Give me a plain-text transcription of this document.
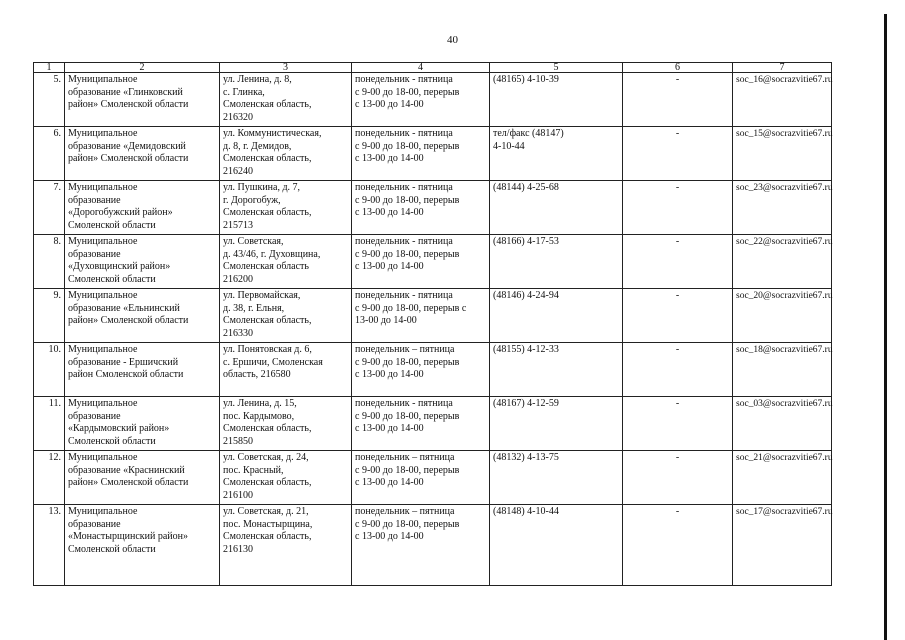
40
1	2	3	4	5	6	7
5.	Муниципальное
образование «Глинковский
район» Смоленской области	ул. Ленина, д. 8,
с. Глинка,
Смоленская область,
216320	понедельник - пятница
с 9-00 до 18-00, перерыв
с 13-00 до 14-00	(48165) 4-10-39	-	soc_16@socrazvitie67.ru
6.	Муниципальное
образование «Демидовский
район» Смоленской области	ул. Коммунистическая,
д. 8, г. Демидов,
Смоленская область,
216240	понедельник - пятница
с 9-00 до 18-00, перерыв
с 13-00 до 14-00	тел/факс (48147)
4-10-44	-	soc_15@socrazvitie67.ru
7.	Муниципальное
образование
«Дорогобужский район»
Смоленской области	ул. Пушкина, д. 7,
г. Дорогобуж,
Смоленская область,
215713	понедельник - пятница
с 9-00 до 18-00, перерыв
с 13-00 до 14-00	(48144) 4-25-68	-	soc_23@socrazvitie67.ru
8.	Муниципальное
образование
«Духовщинский район»
Смоленской области	ул. Советская,
д. 43/46, г. Духовщина,
Смоленская область
216200	понедельник - пятница
с 9-00 до 18-00, перерыв
с 13-00 до 14-00	(48166) 4-17-53	-	soc_22@socrazvitie67.ru
9.	Муниципальное
образование «Ельнинский
район» Смоленской области	ул. Первомайская,
д. 38, г. Ельня,
Смоленская область,
216330	понедельник - пятница
с 9-00 до 18-00, перерыв с
13-00 до 14-00	(48146) 4-24-94	-	soc_20@socrazvitie67.ru
10.	Муниципальное
образование - Ершичский
район Смоленской области	ул. Понятовская д. 6,
с. Ершичи, Смоленская
область, 216580	понедельник – пятница
с 9-00 до 18-00, перерыв
с 13-00 до 14-00	(48155) 4-12-33	-	soc_18@socrazvitie67.ru
11.	Муниципальное
образование
«Кардымовский район»
Смоленской области	ул. Ленина, д. 15,
пос. Кардымово,
Смоленская область,
215850	понедельник - пятница
с 9-00 до 18-00, перерыв
с 13-00 до 14-00	(48167) 4-12-59	-	soc_03@socrazvitie67.ru
12.	Муниципальное
образование «Краснинский
район» Смоленской области	ул. Советская, д. 24,
пос. Красный,
Смоленская область,
216100	понедельник – пятница
с 9-00 до 18-00, перерыв
с 13-00 до 14-00	(48132) 4-13-75	-	soc_21@socrazvitie67.ru
13.	Муниципальное
образование
«Монастырщинский район»
Смоленской области	ул. Советская, д. 21,
пос. Монастырщина,
Смоленская область,
216130	понедельник – пятница
с 9-00 до 18-00, перерыв
с 13-00 до 14-00	(48148) 4-10-44	-	soc_17@socrazvitie67.ru
